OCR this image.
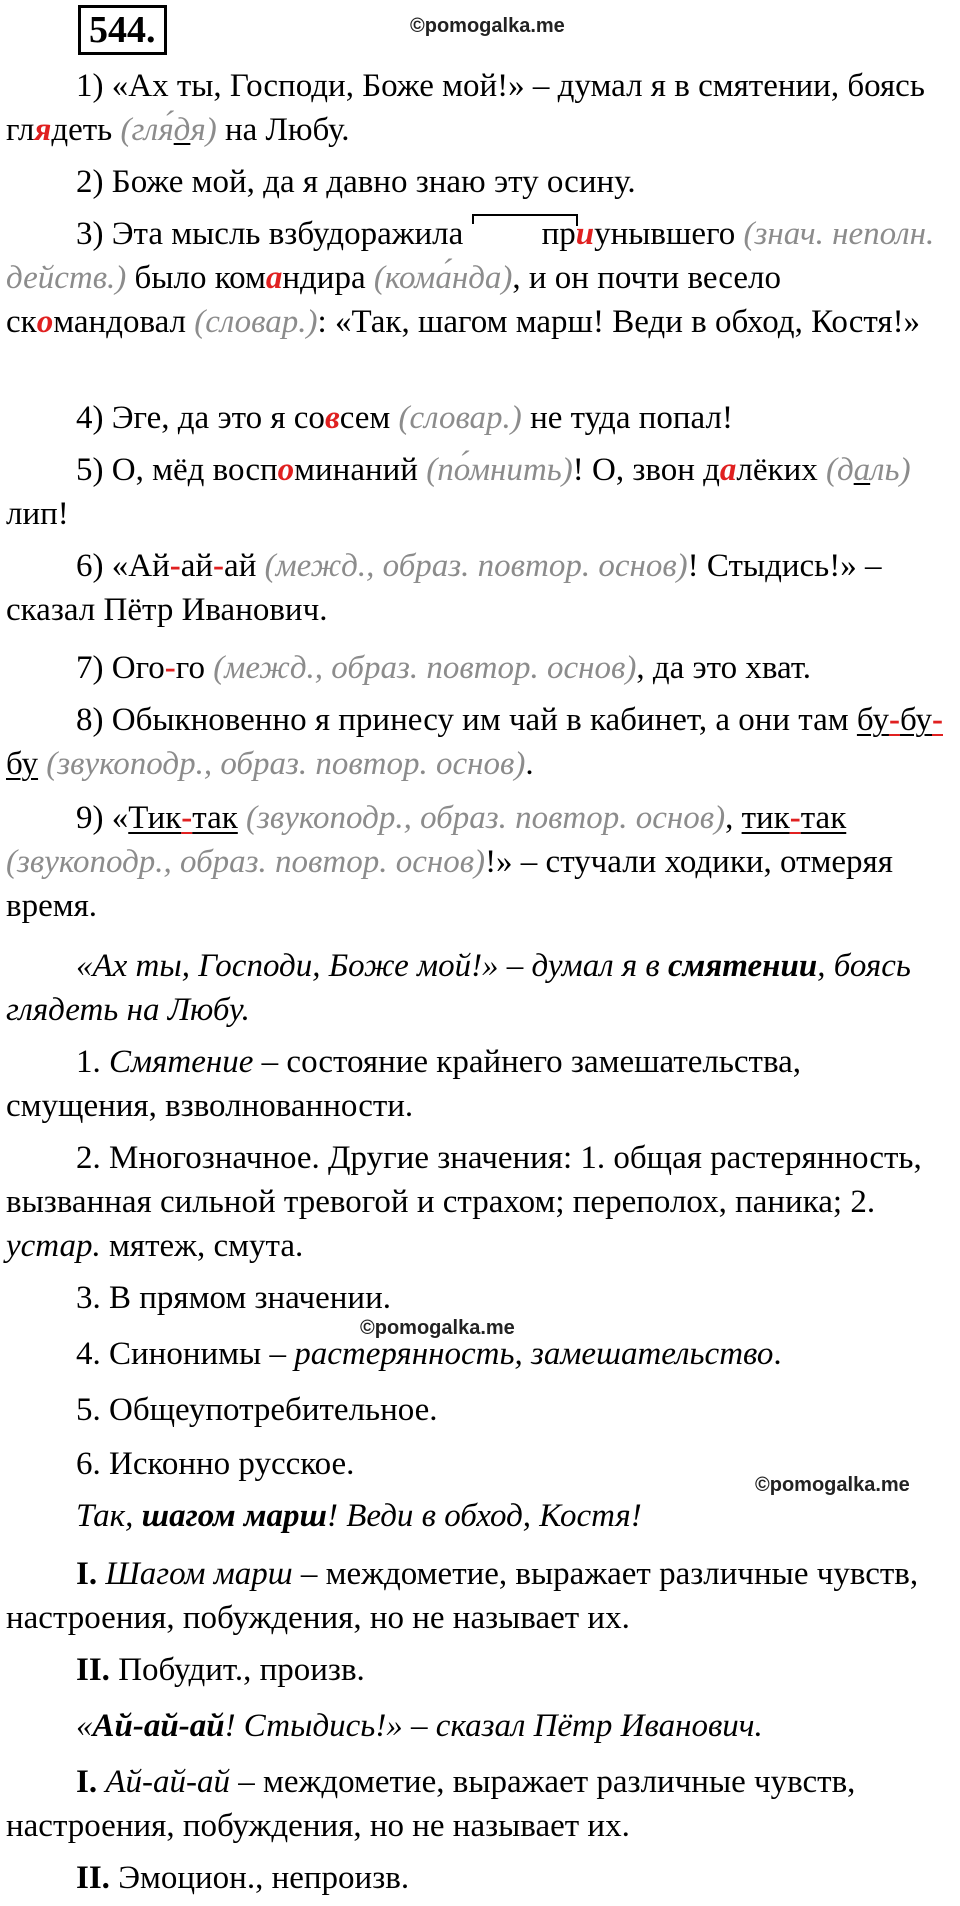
544.	©pomogalka.me
©pomogalka.me
©pomogalka.me

1) «Ах ты, Господи, Боже мой!» – думал я в смятении, боясь глядеть (гля́дя) на Любу.

2) Боже мой, да я давно знаю эту осину.

3) Эта мысль взбудоражила приунывшего (знач. неполн. действ.) было командира (кома́нда), и он почти весело скомандовал (словар.): «Так, шагом марш! Веди в обход, Костя!»

4) Эге, да это я совсем (словар.) не туда попал!

5) О, мёд воспоминаний (по́мнить)! О, звон далёких (даль) лип!

6) «Ай-ай-ай (межд., образ. повтор. основ)! Стыдись!» – сказал Пётр Иванович.

7) Ого-го (межд., образ. повтор. основ), да это хват.

8) Обыкновенно я принесу им чай в кабинет, а они там бу-бу-бу (звукоподр., образ. повтор. основ).

9) «Тик-так (звукоподр., образ. повтор. основ), тик-так (звукоподр., образ. повтор. основ)!» – стучали ходики, отмеряя время.

«Ах ты, Господи, Боже мой!» – думал я в смятении, боясь глядеть на Любу.

1. Смятение – состояние крайнего замешательства, смущения, взволнованности.

2. Многозначное. Другие значения: 1. общая растерянность, вызванная сильной тревогой и страхом; переполох, паника; 2. устар. мятеж, смута.

3. В прямом значении.

4. Синонимы – растерянность, замешательство.

5. Общеупотребительное.

6. Исконно русское.

Так, шагом марш! Веди в обход, Костя!

I. Шагом марш – междометие, выражает различные чувств, настроения, побуждения, но не называет их.

II. Побудит., произв.

«Ай-ай-ай! Стыдись!» – сказал Пётр Иванович.

I. Ай-ай-ай – междометие, выражает различные чувств, настроения, побуждения, но не называет их.

II. Эмоцион., непроизв.
